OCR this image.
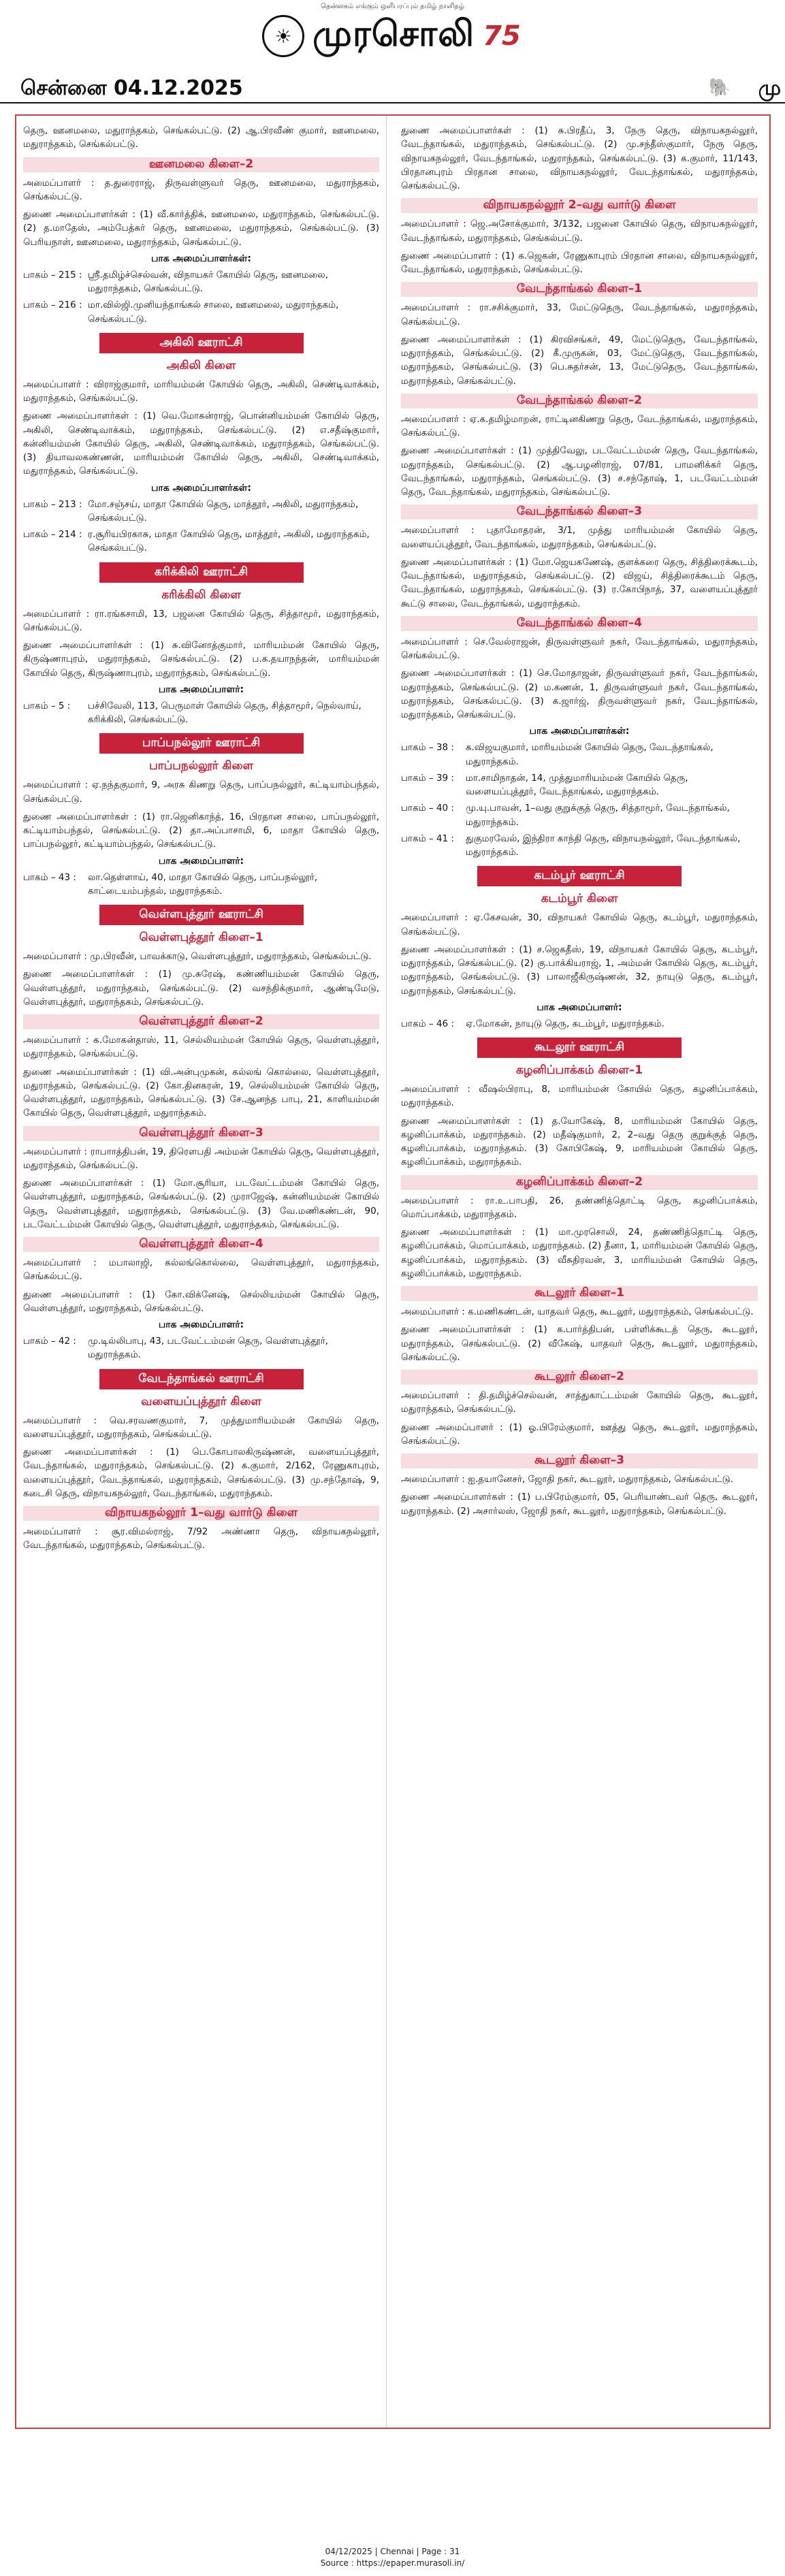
தென்னகம் எங்கும் ஒளிபரப்பும் தமிழ் நாளிதழ்
☀ முரசொலி 75
சென்னை 04.12.2025	🐘 மு

தெரு, ஊனமலை, மதுராந்தகம், செங்கல்பட்டு. (2) ஆ.பிரவீண் குமார், ஊனமலை, மதுராந்தகம், செங்கல்பட்டு.

ஊனமலை கிளை–2

அமைப்பாளர் : த.துரைராஜ், திருவள்ளுவர் தெரு, ஊனமலை, மதுராந்தகம், செங்கல்பட்டு.

துணை அமைப்பாளர்கள் : (1) வீ.கார்த்திக், ஊனமலை, மதுராந்தகம், செங்கல்பட்டு. (2) த.மாதேஸ், அம்பேத்கர் தெரு, ஊனமலை, மதுராந்தகம், செங்கல்பட்டு. (3) பெரியநாள், ஊனமலை, மதுராந்தகம், செங்கல்பட்டு.

பாக அமைப்பாளர்கள்:
பாகம் – 215 : ஸ்ரீ.தமிழ்ச்செல்வன், விநாயகர் கோயில் தெரு, ஊனமலை, மதுராந்தகம், செங்கல்பட்டு.
பாகம் – 216 : மா.வில்ஜி.முனியந்தாங்கல் சாலை, ஊனமலை, மதுராந்தகம், செங்கல்பட்டு.
அகிலி ஊராட்சி
அகிலி கிளை

அமைப்பாளர் : விராஜ்குமார், மாரியம்மன் கோயில் தெரு, அகிலி, செண்டிவாக்கம், மதுராந்தகம், செங்கல்பட்டு.

துணை அமைப்பாளர்கள் : (1) வெ.மோகன்ராஜ், பொன்னியம்மன் கோயில் தெரு, அகிலி, செண்டிவாக்கம், மதுராந்தகம், செங்கல்பட்டு. (2) எ.சதீஷ்குமார், கன்னியம்மன் கோயில் தெரு, அகிலி, செண்டிவாக்கம், மதுராந்தகம், செங்கல்பட்டு. (3) தியாவலகண்ணன், மாரியம்மன் கோயில் தெரு, அகிலி, செண்டிவாக்கம், மதுராந்தகம், செங்கல்பட்டு.

பாக அமைப்பாளர்கள்:
பாகம் – 213 : மோ.சஞ்சய், மாதா கோயில் தெரு, மாத்தூர், அகிலி, மதுராந்தகம், செங்கல்பட்டு.
பாகம் – 214 : ர.சூரியபிரகாசு, மாதா கோயில் தெரு, மாத்தூர், அகிலி, மதுராந்தகம், செங்கல்பட்டு.
கரிக்கிலி ஊராட்சி
கரிக்கிலி கிளை

அமைப்பாளர் : ரா.ரங்கசாமி, 13, பஜனை கோயில் தெரு, சித்தாமூர், மதுராந்தகம், செங்கல்பட்டு.

துணை அமைப்பாளர்கள் : (1) சு.வினோத்குமார், மாரியம்மன் கோயில் தெரு, கிருஷ்ணாபுரம், மதுராந்தகம், செங்கல்பட்டு. (2) ப.க.தயாநந்தன், மாரியம்மன் கோயில் தெரு, கிருஷ்ணாபுரம், மதுராந்தகம், செங்கல்பட்டு.

பாக அமைப்பாளர்:
பாகம் – 5 :	பச்சிவேலி, 113, பெருமாள் கோயில் தெரு, சித்தாமூர், நெல்வாய், கரிக்கிலி, செங்கல்பட்டு.
பாப்பநல்லூர் ஊராட்சி
பாப்பநல்லூர் கிளை

அமைப்பாளர் : ஏ.நந்தகுமார், 9, அரசு கிணறு தெரு, பாப்பநல்லூர், கட்டியாம்பந்தல், செங்கல்பட்டு.

துணை அமைப்பாளர்கள் : (1) ரா.ஜெனிகாந்த், 16, பிரதான சாலை, பாப்பநல்லூர், கட்டியாம்பந்தல், செங்கல்பட்டு. (2) தா.அப்பாசாமி, 6, மாதா கோயில் தெரு, பாப்பநல்லூர், கட்டியாம்பந்தல், செங்கல்பட்டு.

பாக அமைப்பாளர்:
பாகம் – 43 :	லா.தெள்ளாய், 40, மாதா கோயில் தெரு, பாப்பநல்லூர், காட்டையம்பந்தல், மதுராந்தகம்.
வெள்ளபுத்தூர் ஊராட்சி
வெள்ளபுத்தூர் கிளை–1

அமைப்பாளர் : மு.பிரவீன், பாவக்காடு, வெள்ளபுத்தூர், மதுராந்தகம், செங்கல்பட்டு.

துணை அமைப்பாளர்கள் : (1) மு.சுரேஷ், கண்ணியம்மன் கோயில் தெரு, வெள்ளபுத்தூர், மதுராந்தகம், செங்கல்பட்டு. (2) வசந்திக்குமார், ஆண்டிமேடு, வெள்ளபுத்தூர், மதுராந்தகம், செங்கல்பட்டு.

வெள்ளபுத்தூர் கிளை–2

அமைப்பாளர் : க.மோகன்தாஸ், 11, செல்லியம்மன் கோயில் தெரு, வெள்ளபுத்தூர், மதுராந்தகம், செங்கல்பட்டு.

துணை அமைப்பாளர்கள் : (1) வி.அன்புமுகன், கல்லங் கொல்லை, வெள்ளபுத்தூர், மதுராந்தகம், செங்கல்பட்டு. (2) கோ.தினகரன், 19, செல்லியம்மன் கோயில் தெரு, வெள்ளபுத்தூர், மதுராந்தகம், செங்கல்பட்டு. (3) சே.ஆனந்த பாபு, 21, காளியம்மன் கோயில் தெரு, வெள்ளபுத்தூர், மதுராந்தகம்.

வெள்ளபுத்தூர் கிளை–3

அமைப்பாளர் : ராபாாத்திபன், 19, திரௌபதி அம்மன் கோயில் தெரு, வெள்ளபுத்தூர், மதுராந்தகம், செங்கல்பட்டு.

துணை அமைப்பாளர்கள் : (1) மோ.சூரியா, படவேட்டம்மன் கோயில் தெரு, வெள்ளபுத்தூர், மதுராந்தகம், செங்கல்பட்டு. (2) முராஜேஷ், கன்னியம்மன் கோயில் தெரு, வெள்ளபுத்தூர், மதுராந்தகம், செங்கல்பட்டு. (3) வே.மணிகண்டன், 90, படவேட்டம்மன் கோயில் தெரு, வெள்ளபுத்தூர், மதுராந்தகம், செங்கல்பட்டு.

வெள்ளபுத்தூர் கிளை–4

அமைப்பாளர் : மபாலாஜி, கல்லங்கொல்லை, வெள்ளபுத்தூர், மதுராந்தகம், செங்கல்பட்டு.

துணை அமைப்பாளர் : (1) கோ.விக்னேஷ், செல்லியம்மன் கோயில் தெரு, வெள்ளபுத்தூர், மதுராந்தகம், செங்கல்பட்டு.

பாக அமைப்பாளர்:
பாகம் – 42 :	மு.டில்லிபாபு, 43, படவேட்டம்மன் தெரு, வெள்ளபுத்தூர், மதுராந்தகம்.
வேடந்தாங்கல் ஊராட்சி
வளையப்புத்தூர் கிளை

அமைப்பாளர் : வெ.சரவணகுமார், 7, முத்துமாரியம்மன் கோயில் தெரு, வளையப்புத்தூர், மதுராந்தகம், செங்கல்பட்டு.

துணை அமைப்பாளர்கள் : (1) பெ.கோபாலகிருஷ்ணன், வளையப்புத்தூர், வேடந்தாங்கல், மதுராந்தகம், செங்கல்பட்டு. (2) க.குமார், 2/162, ரேணுகாபுரம், வளையப்புத்தூர், வேடந்தாங்கல், மதுராந்தகம், செங்கல்பட்டு. (3) மு.சந்தோஷ், 9, கடைசி தெரு, விநாயகநல்லூர், வேடந்தாங்கல், மதுராந்தகம்.

விநாயகநல்லூர் 1–வது வார்டு கிளை

அமைப்பாளர் : சூர.விமல்ராஜ், 7/92 அண்ணா தெரு, விநாயகநல்லூர், வேடந்தாங்கல், மதுராந்தகம், செங்கல்பட்டு.

துணை அமைப்பாளர்கள் : (1) சு.பிரதீப், 3, நேரு தெரு, விநாயகநல்லூர், வேடந்தாங்கல், மதுராந்தகம், செங்கல்பட்டு. (2) மு.சந்தீஸ்குமார், நேரு தெரு, விநாயகநல்லூர், வேடந்தாங்கல், மதுராந்தகம், செங்கல்பட்டு. (3) க.குமார், 11/143, பிரதானபுரம் பிரதான சாலை, விநாயகநல்லூர், வேடந்தாங்கல், மதுராந்தகம், செங்கல்பட்டு.

விநாயகநல்லூர் 2–வது வார்டு கிளை

அமைப்பாளர் : ஜெ.அசோக்குமார், 3/132, பஜனை கோயில் தெரு, விநாயகநல்லூர், வேடந்தாங்கல், மதுராந்தகம், செங்கல்பட்டு.

துணை அமைப்பாளர் : (1) க.ஜெகன், ரேணுகாபுரம் பிரதான சாலை, விநாயகநல்லூர், வேடந்தாங்கல், மதுராந்தகம், செங்கல்பட்டு.

வேடந்தாங்கல் கிளை–1

அமைப்பாளர் : ரா.சசிக்குமார், 33, மேட்டுதெரு, வேடந்தாங்கல், மதுராந்தகம், செங்கல்பட்டு.

துணை அமைப்பாளர்கள் : (1) கிரவிசங்கர், 49, மேட்டுதெரு, வேடந்தாங்கல், மதுராந்தகம், செங்கல்பட்டு. (2) கீ.முருகன், 03, மேட்டுதெரு, வேடந்தாங்கல், மதுராந்தகம், செங்கல்பட்டு. (3) பெ.சுதர்சன், 13, மேட்டுதெரு, வேடந்தாங்கல், மதுராந்தகம், செங்கல்பட்டு.

வேடந்தாங்கல் கிளை–2

அமைப்பாளர் : ஏ.க.தமிழ்மாறன், ராட்டினகிணறு தெரு, வேடந்தாங்கல், மதுராந்தகம், செங்கல்பட்டு.

துணை அமைப்பாளர்கள் : (1) முத்திவேலு, படவேட்டம்மன் தெரு, வேடந்தாங்கல், மதுராந்தகம், செங்கல்பட்டு. (2) ஆ.பழனிராஜ், 07/81, பாமனிக்கர் தெரு, வேடந்தாங்கல், மதுராந்தகம், செங்கல்பட்டு. (3) ச.சந்தோஷ், 1, படவேட்டம்மன் தெரு, வேடந்தாங்கல், மதுராந்தகம், செங்கல்பட்டு.

வேடந்தாங்கல் கிளை–3

அமைப்பாளர் : புதாமோதரன், 3/1, முத்து மாரியம்மன் கோயில் தெரு, வளையப்புத்தூர், வேடந்தாங்கல், மதுராந்தகம், செங்கல்பட்டு.

துணை அமைப்பாளர்கள் : (1) மோ.ஜெயகணேஷ், குளக்கரை தெரு, சித்திரைக்கூடம், வேடந்தாங்கல், மதுராந்தகம், செங்கல்பட்டு. (2) விஜய், சித்திரைக்கூடம் தெரு, வேடந்தாங்கல், மதுராந்தகம், செங்கல்பட்டு. (3) ர.கோபிநாத், 37, வளையப்புத்தூர் கூட்டு சாலை, வேடந்தாங்கல், மதுராந்தகம்.

வேடந்தாங்கல் கிளை–4

அமைப்பாளர் : செ.வேல்ராஜன், திருவள்ளுவர் நகர், வேடந்தாங்கல், மதுராந்தகம், செங்கல்பட்டு.

துணை அமைப்பாளர்கள் : (1) செ.மோதாஜன், திருவள்ளுவர் நகர், வேடந்தாங்கல், மதுராந்தகம், செங்கல்பட்டு. (2) ம.கணன், 1, திருவள்ளுவர் நகர், வேடந்தாங்கல், மதுராந்தகம், செங்கல்பட்டு. (3) க.ஜார்ஜ், திருவள்ளுவர் நகர், வேடந்தாங்கல், மதுராந்தகம், செங்கல்பட்டு.

பாக அமைப்பாளர்கள்:
பாகம் – 38 :	க.விஜயகுமார், மாரியம்மன் கோயில் தெரு, வேடந்தாங்கல், மதுராந்தகம்.
பாகம் – 39 :	மா.சாமிநாதன், 14, முத்துமாரியம்மன் கோயில் தெரு, வளையப்புத்தூர், வேடந்தாங்கல், மதுராந்தகம்.
பாகம் – 40 :	மு.யு.பாவன், 1–வது குறுக்குத் தெரு, சித்தாமூர், வேடந்தாங்கல், மதுராந்தகம்.
பாகம் – 41 :	துகுமரவேல், இந்திரா காந்தி தெரு, விநாயநல்லூர், வேடந்தாங்கல், மதுராந்தகம்.
கடம்பூர் ஊராட்சி
கடம்பூர் கிளை

அமைப்பாளர் : ஏ.கேசவன், 30, விநாயகர் கோயில் தெரு, கடம்பூர், மதுராந்தகம், செங்கல்பட்டு.

துணை அமைப்பாளர்கள் : (1) ச.ஜெகதீஸ், 19, விநாயகர் கோயில் தெரு, கடம்பூர், மதுராந்தகம், செங்கல்பட்டு. (2) கு.பாக்கியராஜ், 1, அம்மன் கோயில் தெரு, கடம்பூர், மதுராந்தகம், செங்கல்பட்டு. (3) பாலாஜீகிருஷ்ணன், 32, நாயுடு தெரு, கடம்பூர், மதுராந்தகம், செங்கல்பட்டு.

பாக அமைப்பாளர்:
பாகம் – 46 :	ஏ.மோகன், நாயுடு தெரு, கடம்பூர், மதுராந்தகம்.
கூடலூர் ஊராட்சி
கழனிப்பாக்கம் கிளை–1

அமைப்பாளர் : வீஷல்பிராபு, 8, மாரியம்மன் கோயில் தெரு, கழனிப்பாக்கம், மதுராந்தகம்.

துணை அமைப்பாளர்கள் : (1) த.யோகேஷ், 8, மாரியம்மன் கோயில் தெரு, கழனிப்பாக்கம், மதுராந்தகம். (2) மதீஷ்குமார், 2, 2–வது தெரு குறுக்குத் தெரு, கழனிப்பாக்கம், மதுராந்தகம். (3) கோபிகேஷ், 9, மாரியம்மன் கோயில் தெரு, கழனிப்பாக்கம், மதுராந்தகம்.

கழனிப்பாக்கம் கிளை–2

அமைப்பாளர் : ரா.உ.பாபதி, 26, தண்ணித்தொட்டி தெரு, கழனிப்பாக்கம், மொப்பாக்கம், மதுராந்தகம்.

துணை அமைப்பாளர்கள் : (1) மா.முரசொலி, 24, தண்ணித்தொட்டி தெரு, கழனிப்பாக்கம், மொப்பாக்கம், மதுராந்தகம். (2) தீனா, 1, மாரியம்மன் கோயில் தெரு, கழனிப்பாக்கம், மதுராந்தகம். (3) வீகதிரவன், 3, மாரியம்மன் கோயில் தெரு, கழனிப்பாக்கம், மதுராந்தகம்.

கூடலூர் கிளை–1

அமைப்பாளர் : க.மணிகண்டன், யாதவர் தெரு, கூடலூர், மதுராந்தகம், செங்கல்பட்டு.

துணை அமைப்பாளர்கள் : (1) க.பார்த்திபன், பள்ளிக்கூடத் தெரு, கூடலூர், மதுராந்தகம், செங்கல்பட்டு. (2) வீகேஷ், யாதவர் தெரு, கூடலூர், மதுராந்தகம், செங்கல்பட்டு.

கூடலூர் கிளை–2

அமைப்பாளர் : தி.தமிழ்ச்செல்வன், சாத்துகாட்டம்மன் கோயில் தெரு, கூடலூர், மதுராந்தகம், செங்கல்பட்டு.

துணை அமைப்பாளர் : (1) ஓ.பிரேம்குமார், ஊத்து தெரு, கூடலூர், மதுராந்தகம், செங்கல்பட்டு.

கூடலூர் கிளை–3

அமைப்பாளர் : ஐ.தயானேசர், ஜோதி நகர், கூடலூர், மதுராந்தகம், செங்கல்பட்டு.

துணை அமைப்பாளர்கள் : (1) ப.பிரேம்குமார், 05, பெரியாண்டவர் தெரு, கூடலூர், மதுராந்தகம். (2) அசார்லஸ், ஜோதி நகர், கூடலூர், மதுராந்தகம், செங்கல்பட்டு.

04/12/2025 | Chennai | Page : 31
Source : https://epaper.murasoli.in/
